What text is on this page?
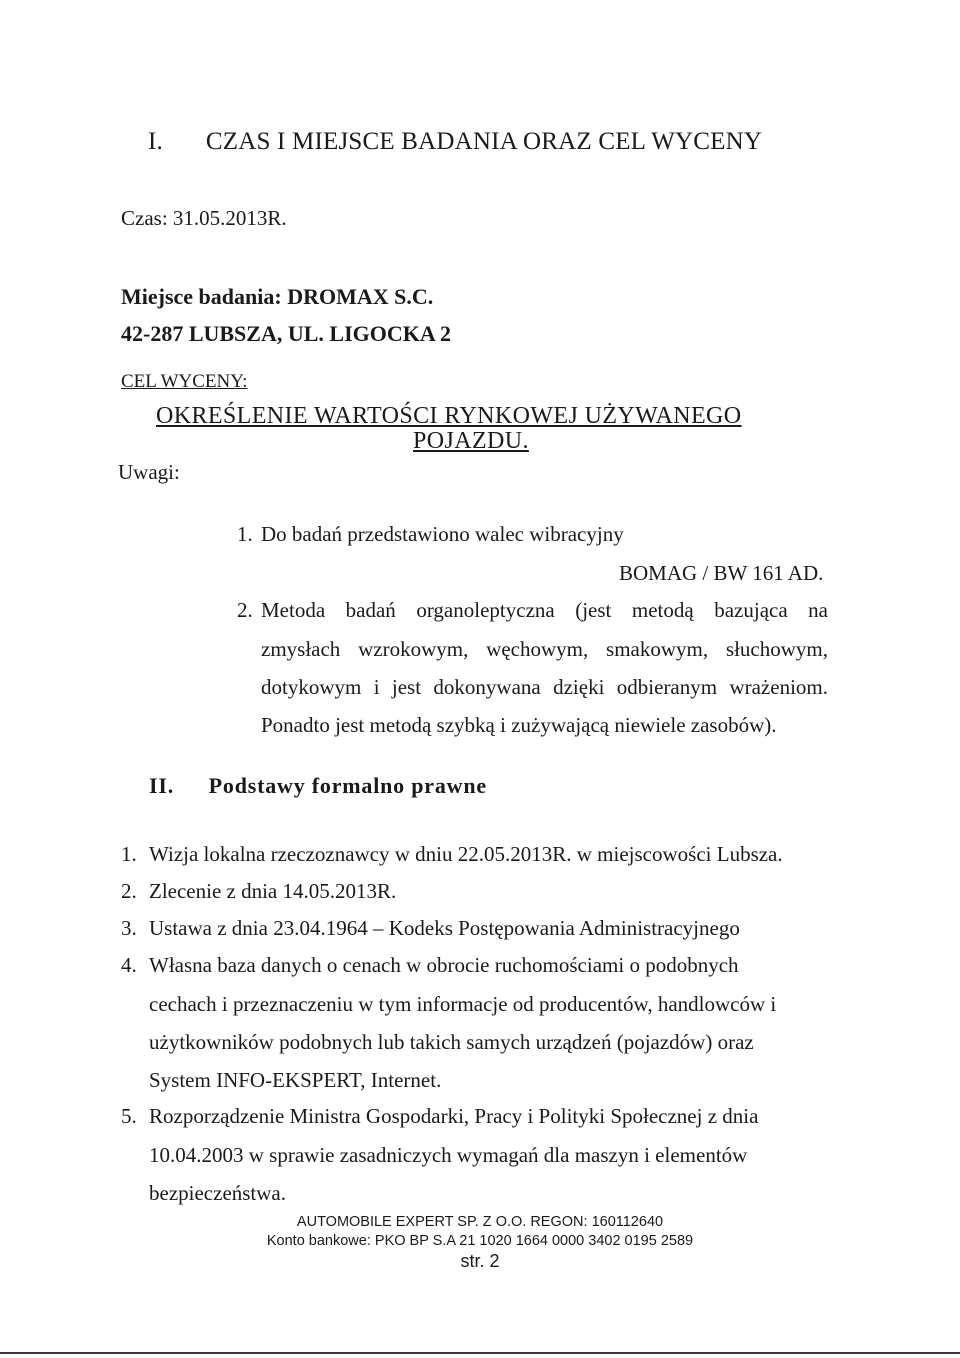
I. CZAS I MIEJSCE BADANIA ORAZ CEL WYCENY
Czas: 31.05.2013R.
Miejsce badania: DROMAX S.C.
42-287 LUBSZA, UL. LIGOCKA 2
CEL WYCENY:
OKREŚLENIE WARTOŚCI RYNKOWEJ UŻYWANEGO
POJAZDU.
Uwagi:
1. Do badań przedstawiono walec wibracyjny
BOMAG / BW 161 AD.
2. Metoda badań organoleptyczna (jest metodą bazująca na
zmysłach wzrokowym, węchowym, smakowym, słuchowym,
dotykowym i jest dokonywana dzięki odbieranym wrażeniom.
Ponadto jest metodą szybką i zużywającą niewiele zasobów).
II. Podstawy formalno prawne
1. Wizja lokalna rzeczoznawcy w dniu 22.05.2013R. w miejscowości Lubsza.
2. Zlecenie z dnia 14.05.2013R.
3. Ustawa z dnia 23.04.1964 – Kodeks Postępowania Administracyjnego
4. Własna baza danych o cenach w obrocie ruchomościami o podobnych
cechach i przeznaczeniu w tym informacje od producentów, handlowców i
użytkowników podobnych lub takich samych urządzeń (pojazdów) oraz
System INFO-EKSPERT, Internet.
5. Rozporządzenie Ministra Gospodarki, Pracy i Polityki Społecznej z dnia
10.04.2003 w sprawie zasadniczych wymagań dla maszyn i elementów
bezpieczeństwa.
AUTOMOBILE EXPERT SP. Z O.O. REGON: 160112640
Konto bankowe: PKO BP S.A 21 1020 1664 0000 3402 0195 2589
str. 2
